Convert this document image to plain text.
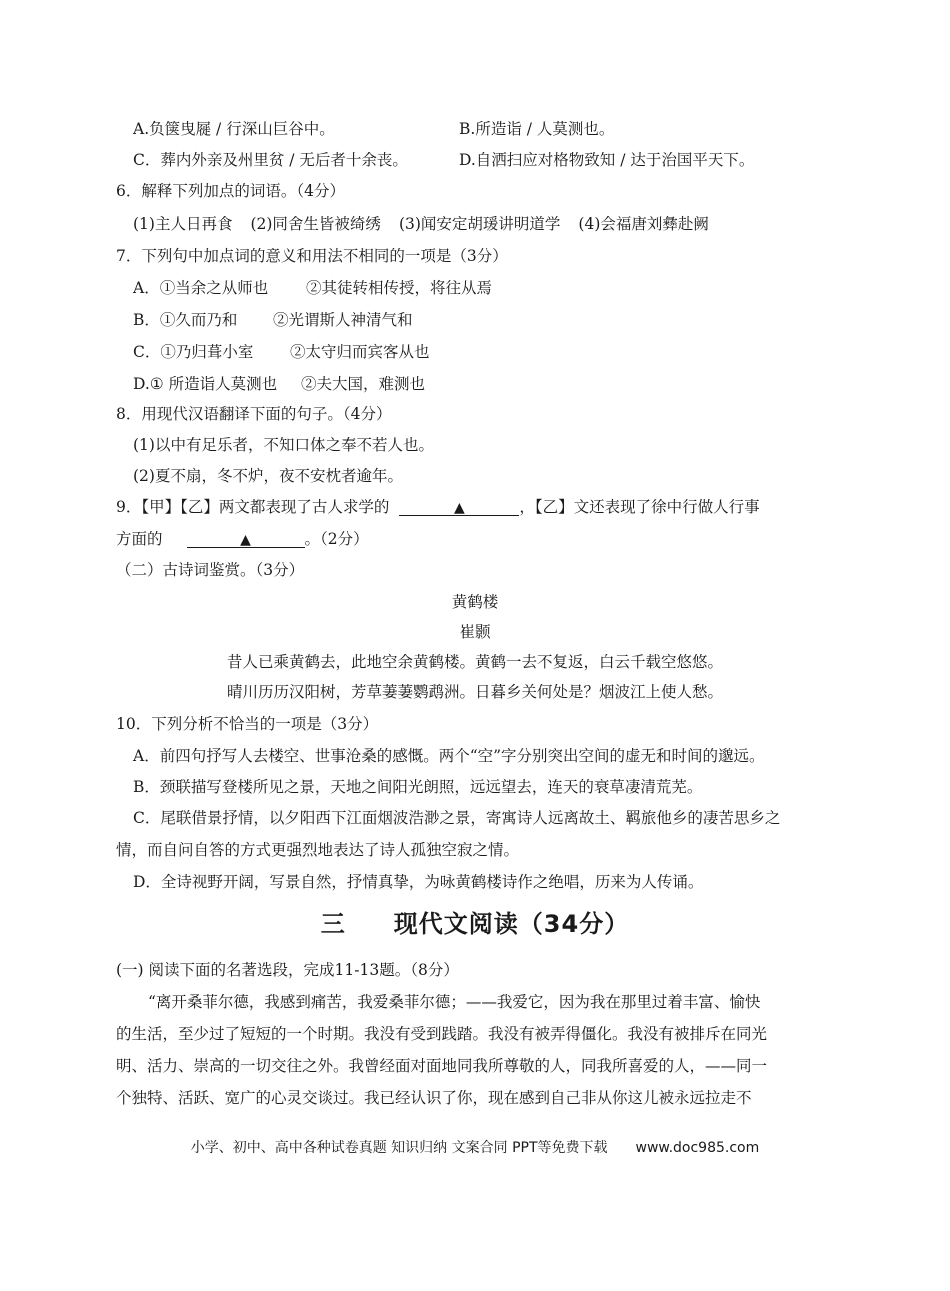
A.负箧曳屣 / 行深山巨谷中。	B.所造诣 / 人莫测也。
C．葬内外亲及州里贫 / 无后者十余丧。	D.自洒扫应对格物致知 / 达于治国平天下。
6．解释下列加点的词语。（4分）
(1)主人日再食 (2)同舍生皆被绮绣 (3)闻安定胡瑗讲明道学 (4)会福唐刘彝赴阙
7．下列句中加点词的意义和用法不相同的一项是（3分）
A．①当余之从师也 ②其徒转相传授，将往从焉
B．①久而乃和 ②光谓斯人神清气和
C．①乃归葺小室 ②太守归而宾客从也
D.① 所造诣人莫测也 ②夫大国，难测也
8．用现代汉语翻译下面的句子。（4分）
(1)以中有足乐者，不知口体之奉不若人也。
(2)夏不扇，冬不炉，夜不安枕者逾年。
9．【甲】【乙】两文都表现了古人求学的	▲	，【乙】文还表现了徐中行做人行事
方面的	▲	。（2分）
（二）古诗词鉴赏。（3分）
黄鹤楼
崔颢
昔人已乘黄鹤去，此地空余黄鹤楼。黄鹤一去不复返，白云千载空悠悠。
晴川历历汉阳树，芳草萋萋鹦鹉洲。日暮乡关何处是？烟波江上使人愁。
10．下列分析不恰当的一项是（3分）
A．前四句抒写人去楼空、世事沧桑的感慨。两个“空”字分别突出空间的虚无和时间的邈远。
B．颈联描写登楼所见之景，天地之间阳光朗照，远远望去，连天的衰草凄清荒芜。
C．尾联借景抒情，以夕阳西下江面烟波浩渺之景，寄寓诗人远离故土、羁旅他乡的凄苦思乡之
情，而自问自答的方式更强烈地表达了诗人孤独空寂之情。
D．全诗视野开阔，写景自然，抒情真挚，为咏黄鹤楼诗作之绝唱，历来为人传诵。
三 现代文阅读（34分）
(一) 阅读下面的名著选段，完成11-13题。（8分）
“离开桑菲尔德，我感到痛苦，我爱桑菲尔德；——我爱它，因为我在那里过着丰富、愉快
的生活，至少过了短短的一个时期。我没有受到践踏。我没有被弄得僵化。我没有被排斥在同光
明、活力、崇高的一切交往之外。我曾经面对面地同我所尊敬的人，同我所喜爱的人，——同一
个独特、活跃、宽广的心灵交谈过。我已经认识了你，现在感到自己非从你这儿被永远拉走不
小学、初中、高中各种试卷真题 知识归纳 文案合同 PPT等免费下载 www.doc985.com
